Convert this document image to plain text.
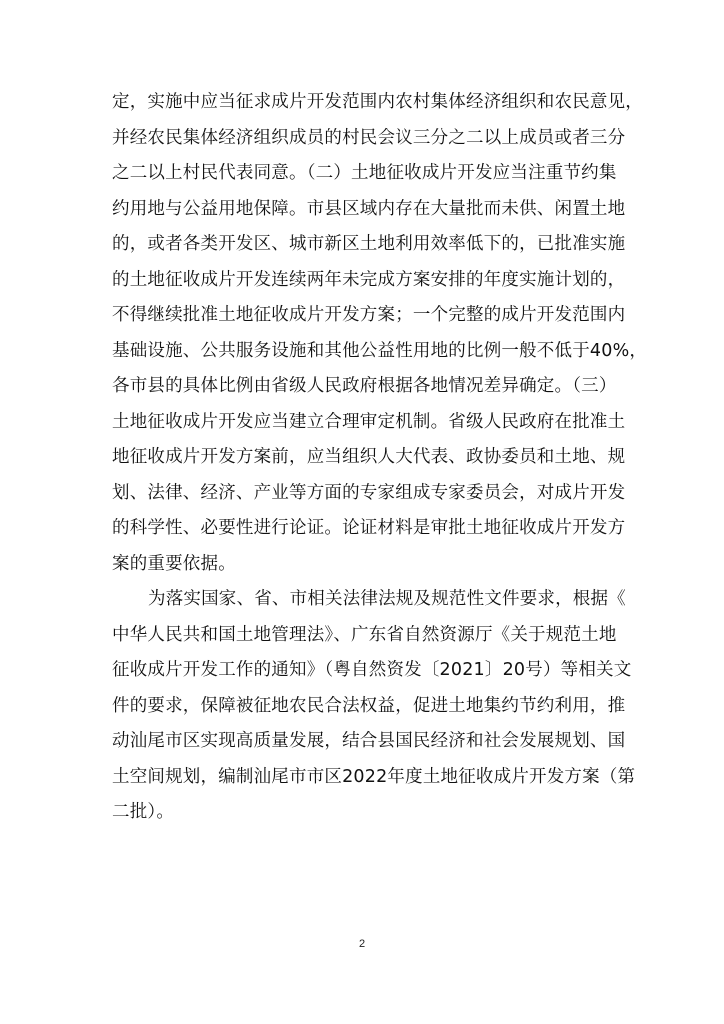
定，实施中应当征求成片开发范围内农村集体经济组织和农民意见，
并经农民集体经济组织成员的村民会议三分之二以上成员或者三分
之二以上村民代表同意。（二）土地征收成片开发应当注重节约集
约用地与公益用地保障。市县区域内存在大量批而未供、闲置土地
的，或者各类开发区、城市新区土地利用效率低下的，已批准实施
的土地征收成片开发连续两年未完成方案安排的年度实施计划的，
不得继续批准土地征收成片开发方案；一个完整的成片开发范围内
基础设施、公共服务设施和其他公益性用地的比例一般不低于40%，
各市县的具体比例由省级人民政府根据各地情况差异确定。（三）
土地征收成片开发应当建立合理审定机制。省级人民政府在批准土
地征收成片开发方案前，应当组织人大代表、政协委员和土地、规
划、法律、经济、产业等方面的专家组成专家委员会，对成片开发
的科学性、必要性进行论证。论证材料是审批土地征收成片开发方
案的重要依据。
为落实国家、省、市相关法律法规及规范性文件要求，根据《
中华人民共和国土地管理法》、广东省自然资源厅《关于规范土地
征收成片开发工作的通知》（粤自然资发〔2021〕20号）等相关文
件的要求，保障被征地农民合法权益，促进土地集约节约利用，推
动汕尾市区实现高质量发展，结合县国民经济和社会发展规划、国
土空间规划，编制汕尾市市区2022年度土地征收成片开发方案（第
二批）。
2
